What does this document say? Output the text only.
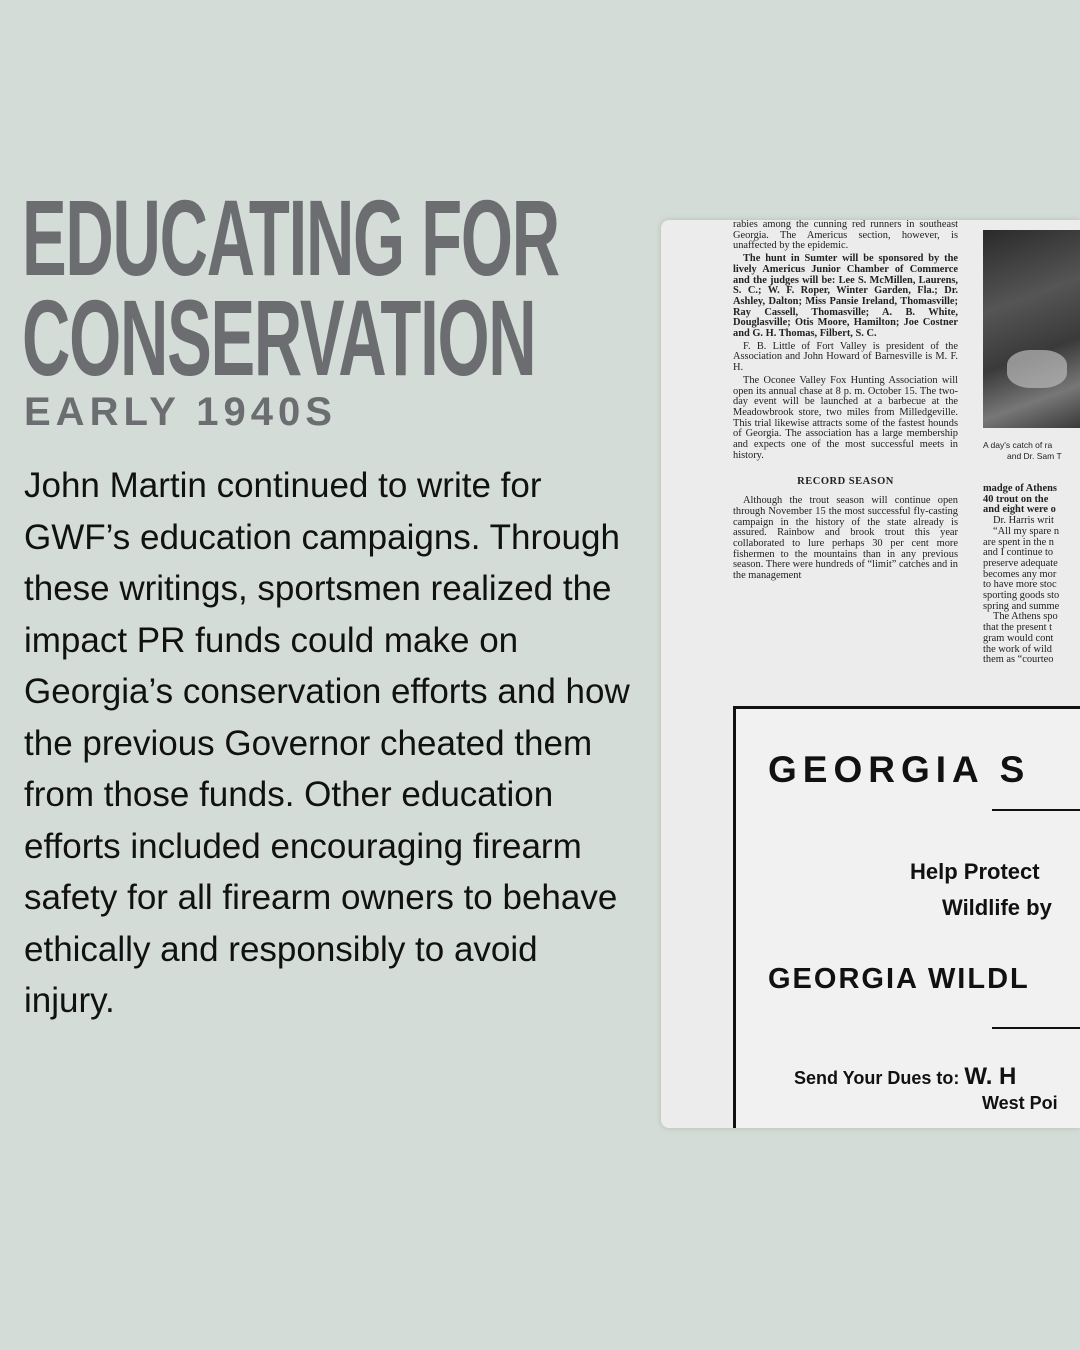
EDUCATING FOR
CONSERVATION
EARLY 1940S

John Martin continued to write for GWF’s education campaigns. Through these writings, sportsmen realized the impact PR funds could make on Georgia’s conservation efforts and how the previous Governor cheated them from those funds. Other education efforts included encouraging firearm safety for all firearm owners to behave ethically and responsibly to avoid injury.

rabies among the cunning red runners in southeast Georgia. The Americus section, however, is unaffected by the epidemic.

The hunt in Sumter will be sponsored by the lively Americus Junior Chamber of Commerce and the judges will be: Lee S. McMillen, Laurens, S. C.; W. F. Roper, Winter Garden, Fla.; Dr. Ashley, Dalton; Miss Pansie Ireland, Thomasville; Ray Cassell, Thomasville; A. B. White, Douglasville; Otis Moore, Hamilton; Joe Costner and G. H. Thomas, Filbert, S. C.

F. B. Little of Fort Valley is president of the Association and John Howard of Barnesville is M. F. H.

The Oconee Valley Fox Hunting Association will open its annual chase at 8 p. m. October 15. The two-day event will be launched at a barbecue at the Meadowbrook store, two miles from Milledgeville. This trial likewise attracts some of the fastest hounds of Georgia. The association has a large membership and expects one of the most successful meets in history.

RECORD SEASON

Although the trout season will continue open through November 15 the most successful fly-casting campaign in the history of the state already is assured. Rainbow and brook trout this year collaborated to lure perhaps 30 per cent more fishermen to the mountains than in any previous season. There were hundreds of “limit” catches and in the management

A day's catch of ra
and Dr. Sam T

madge of Athens

40 trout on the

and eight were o

Dr. Harris writ

“All my spare n

are spent in the n

and I continue to

preserve adequate

becomes any mor

to have more stoc

sporting goods sto

spring and summe

The Athens spo

that the present t

gram would cont

the work of wild

them as “courteo

GEORGIA S
Help Protect
Wildlife by
GEORGIA WILDL
Send Your Dues to: W. H
West Poi
